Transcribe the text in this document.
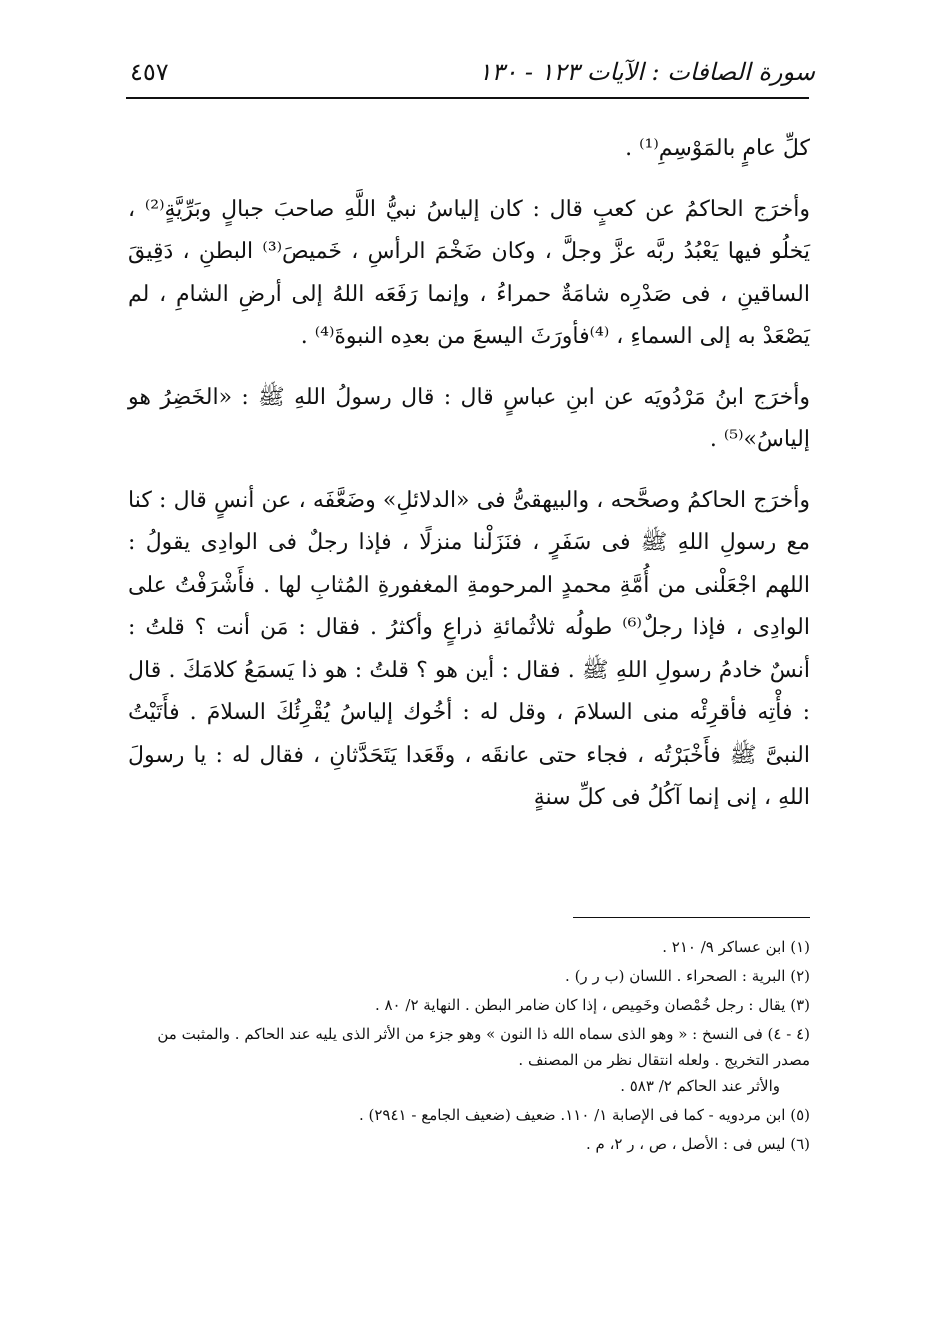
سورة الصافات : الآيات ١٢٣ - ١٣٠
٤٥٧

كلِّ عامٍ بالمَوْسِمِ⁽¹⁾ .

وأخرَج الحاكمُ عن كعبٍ قال : كان إلياسُ نبيُّ اللَّهِ صاحبَ جبالٍ وبَرِّيَّةٍ⁽²⁾ ، يَخلُو فيها يَعْبُدُ ربَّه عزَّ وجلَّ ، وكان ضَخْمَ الرأسِ ، خَميصَ⁽³⁾ البطنِ ، دَقِيقَ الساقينِ ، فى صَدْرِه شامَةٌ حمراءُ ، وإنما رَفَعَه اللهُ إلى أرضِ الشامِ ، لم يَصْعَدْ به إلى السماءِ ، ⁽⁴⁾فأورَثَ اليسعَ من بعدِه النبوةَ⁽⁴⁾ .

وأخرَج ابنُ مَرْدُويَه عن ابنِ عباسٍ قال : قال رسولُ اللهِ ﷺ : «الخَضِرُ هو إلياسُ»⁽⁵⁾ .

وأخرَج الحاكمُ وصحَّحه ، والبيهقىُّ فى «الدلائلِ» وضَعَّفَه ، عن أنسٍ قال : كنا مع رسولِ اللهِ ﷺ فى سَفَرٍ ، فنَزَلْنا منزلًا ، فإذا رجلٌ فى الوادِى يقولُ : اللهم اجْعَلْنى من أُمَّةِ محمدٍ المرحومةِ المغفورةِ المُثابِ لها . فأَشْرَفْتُ على الوادِى ، فإذا رجلٌ⁽⁶⁾ طولُه ثلاثُمائةِ ذراعٍ وأكثرُ . فقال : مَن أنت ؟ قلتُ : أنسٌ خادمُ رسولِ اللهِ ﷺ . فقال : أين هو ؟ قلتُ : هو ذا يَسمَعُ كلامَكَ . قال : فأْتِه فأقرِئْه منى السلامَ ، وقل له : أخُوك إلياسُ يُقْرِئُكَ السلامَ . فأَتَيْتُ النبىَّ ﷺ فأَخْبَرْتُه ، فجاء حتى عانقَه ، وقَعَدا يَتَحَدَّثانِ ، فقال له : يا رسولَ اللهِ ، إنى إنما آكُلُ فى كلِّ سنةٍ

(١) ابن عساكر ٩/ ٢١٠ .

(٢) البرية : الصحراء . اللسان (ب ر ر) .

(٣) يقال : رجل خُمْصان وخَمِيص ، إذا كان ضامر البطن . النهاية ٢/ ٨٠ .

(٤ - ٤) فى النسخ : « وهو الذى سماه الله ذا النون » وهو جزء من الأثر الذى يليه عند الحاكم . والمثبت من مصدر التخريج . ولعله انتقال نظر من المصنف .

والأثر عند الحاكم ٢/ ٥٨٣ .

(٥) ابن مردويه - كما فى الإصابة ١/ ١١٠. ضعيف (ضعيف الجامع - ٢٩٤١) .

(٦) ليس فى : الأصل ، ص ، ر ٢، م .
